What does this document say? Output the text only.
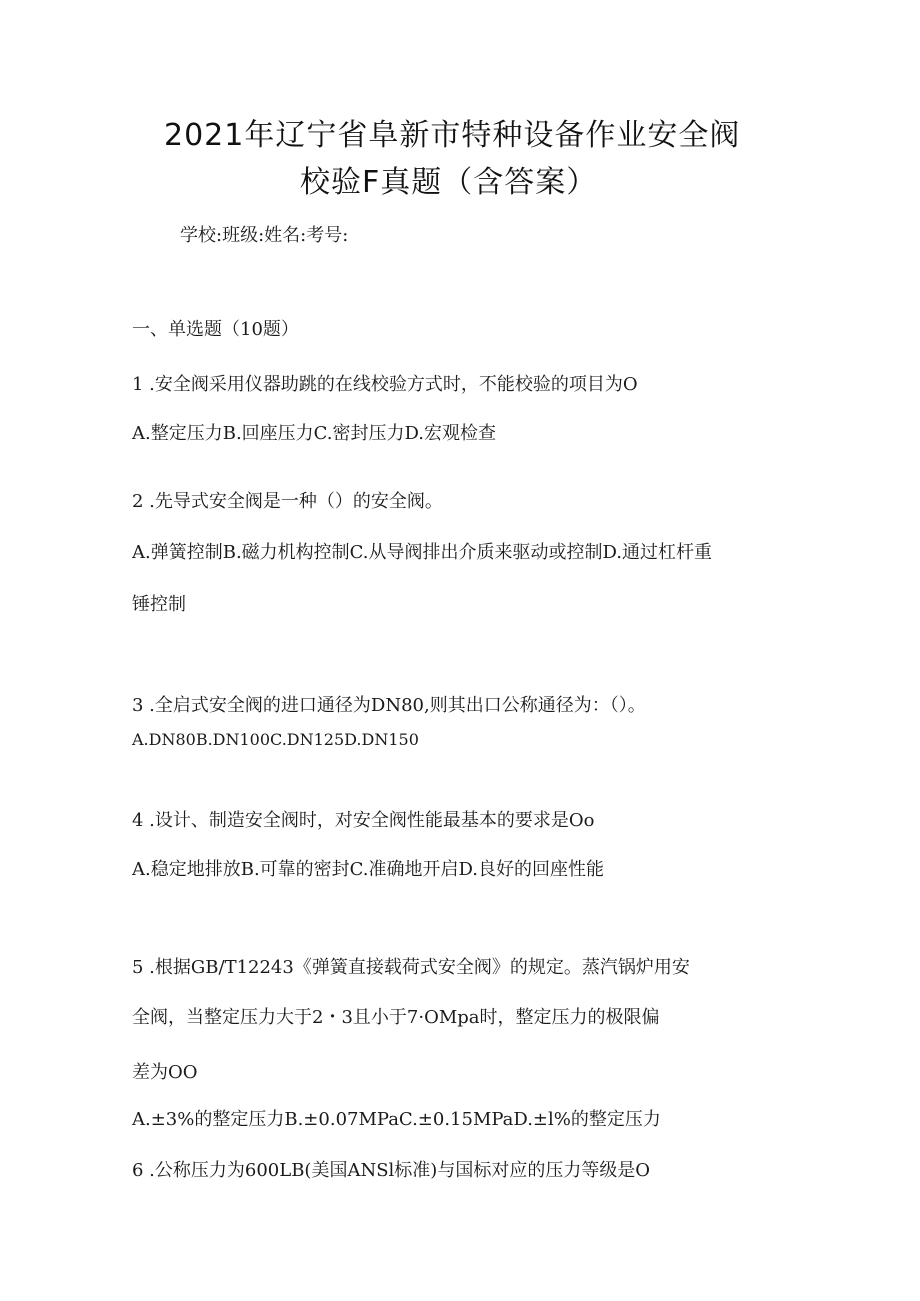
2021年辽宁省阜新市特种设备作业安全阀
校验F真题（含答案）
学校:班级:姓名:考号:
一、单选题（10题）
1 .安全阀采用仪器助跳的在线校验方式时，不能校验的项目为O
A.整定压力B.回座压力C.密封压力D.宏观检查
2 .先导式安全阀是一种（）的安全阀。
A.弹簧控制B.磁力机构控制C.从导阀排出介质来驱动或控制D.通过杠杆重
锤控制
3 .全启式安全阀的进口通径为DN80,则其出口公称通径为：（）。
A.DN80B.DN100C.DN125D.DN150
4 .设计、制造安全阀时，对安全阀性能最基本的要求是Oo
A.稳定地排放B.可靠的密封C.准确地开启D.良好的回座性能
5 .根据GB/T12243《弹簧直接载荷式安全阀》的规定。蒸汽锅炉用安
全阀，当整定压力大于2・3且小于7·OMpa时，整定压力的极限偏
差为OO
A.±3%的整定压力B.±0.07MPaC.±0.15MPaD.±l%的整定压力
6 .公称压力为600LB(美国ANSl标准)与国标对应的压力等级是O
